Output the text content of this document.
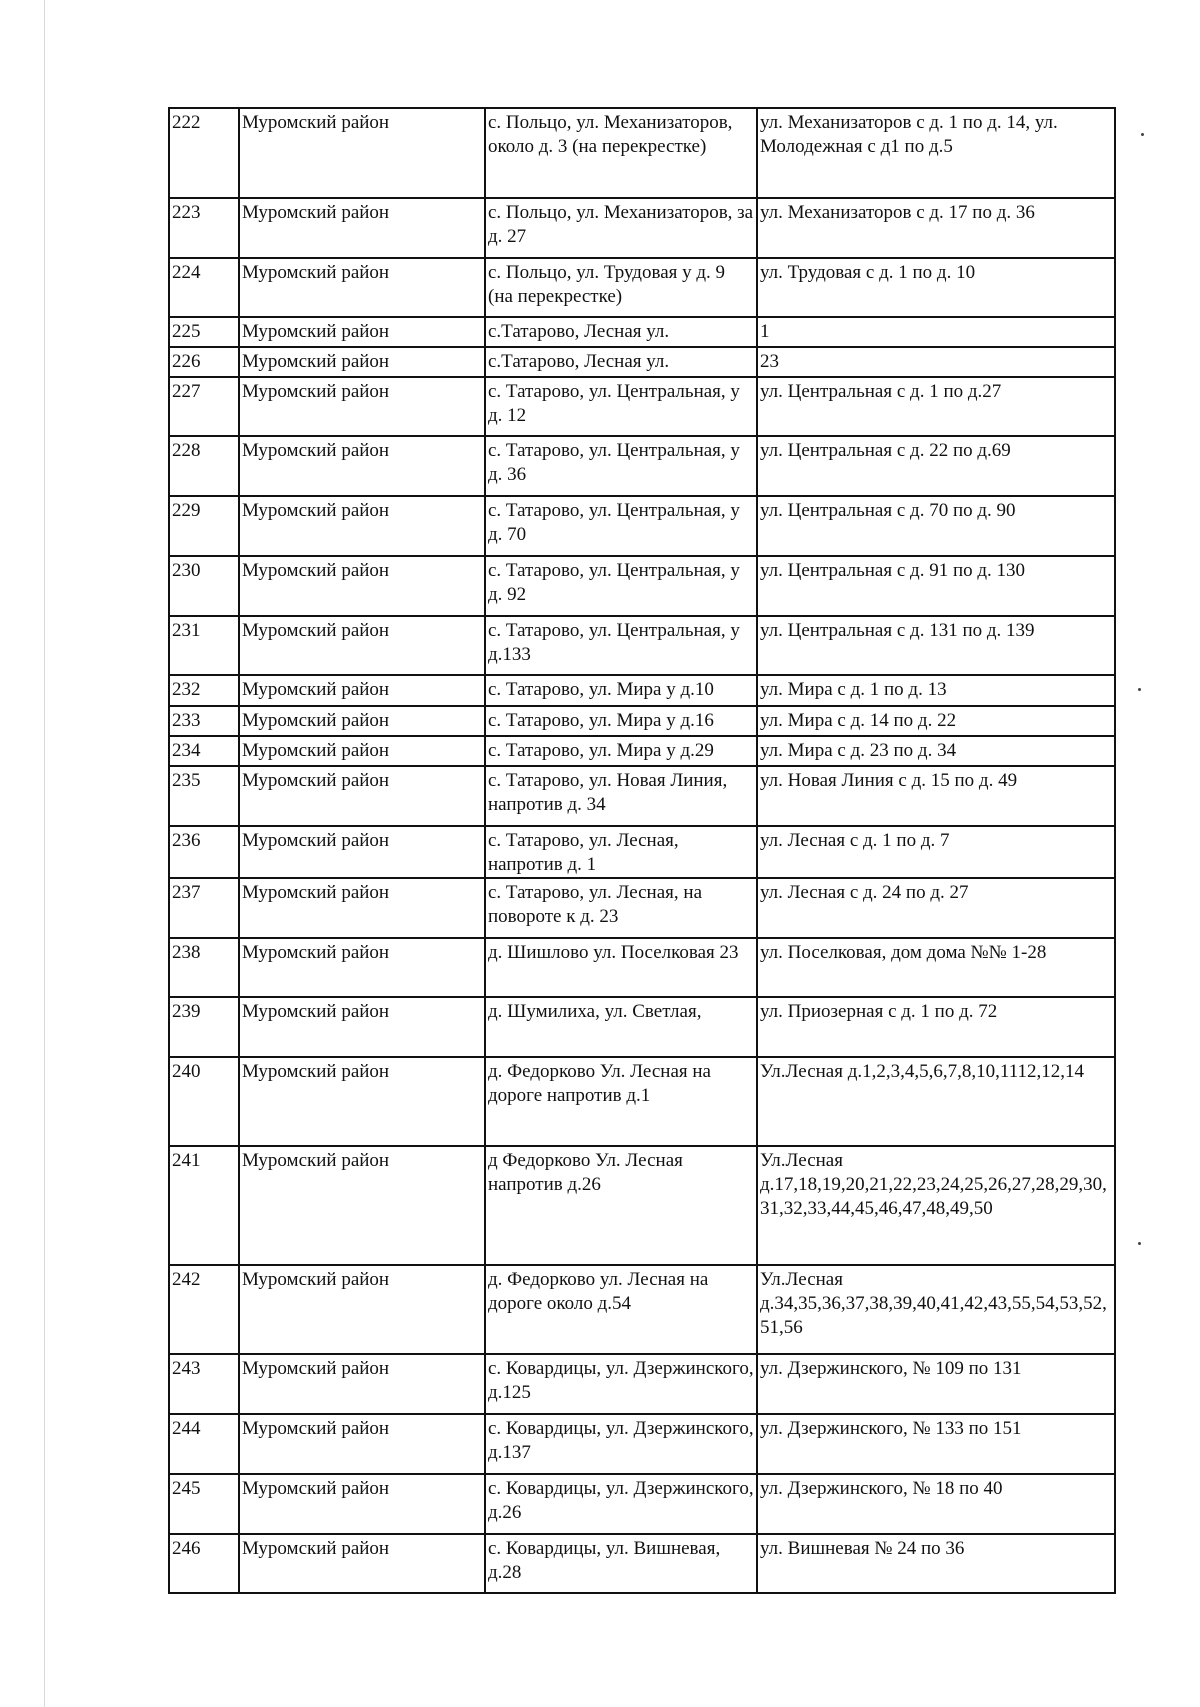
222	Муромский район	с. Польцо, ул. Механизаторов, около д. 3 (на перекрестке)	ул. Механизаторов с д. 1 по д. 14, ул. Молодежная с д1 по д.5
223	Муромский район	с. Польцо, ул. Механизаторов, за д. 27	ул. Механизаторов с д. 17 по д. 36
224	Муромский район	с. Польцо, ул. Трудовая у д. 9 (на перекрестке)	ул. Трудовая с д. 1 по д. 10
225	Муромский район	с.Татарово, Лесная ул.	1
226	Муромский район	с.Татарово, Лесная ул.	23
227	Муромский район	с. Татарово, ул. Центральная, у д. 12	ул. Центральная с д. 1 по д.27
228	Муромский район	с. Татарово, ул. Центральная, у д. 36	ул. Центральная с д. 22 по д.69
229	Муромский район	с. Татарово, ул. Центральная, у д. 70	ул. Центральная с д. 70 по д. 90
230	Муромский район	с. Татарово, ул. Центральная, у д. 92	ул. Центральная с д. 91 по д. 130
231	Муромский район	с. Татарово, ул. Центральная, у д.133	ул. Центральная с д. 131 по д. 139
232	Муромский район	с. Татарово, ул. Мира у д.10	ул. Мира с д. 1 по д. 13
233	Муромский район	с. Татарово, ул. Мира у д.16	ул. Мира с д. 14 по д. 22
234	Муромский район	с. Татарово, ул. Мира у д.29	ул. Мира с д. 23 по д. 34
235	Муромский район	с. Татарово, ул. Новая Линия, напротив д. 34	ул. Новая Линия с д. 15 по д. 49
236	Муромский район	с. Татарово, ул. Лесная, напротив д. 1	ул. Лесная с д. 1 по д. 7
237	Муромский район	с. Татарово, ул. Лесная, на повороте к д. 23	ул. Лесная с д. 24 по д. 27
238	Муромский район	д. Шишлово ул. Поселковая 23	ул. Поселковая, дом дома №№ 1-28
239	Муромский район	д. Шумилиха, ул. Светлая,	ул. Приозерная с д. 1 по д. 72
240	Муромский район	д. Федорково Ул. Лесная на дороге напротив д.1	Ул.Лесная д.1,2,3,4,5,6,7,8,10,1112,12,14
241	Муромский район	д Федорково Ул. Лесная напротив д.26	Ул.Лесная д.17,18,19,20,21,22,23,24,25,26,27,28,29,30,31,32,33,44,45,46,47,48,49,50
242	Муромский район	д. Федорково ул. Лесная на дороге около д.54	Ул.Лесная д.34,35,36,37,38,39,40,41,42,43,55,54,53,52,51,56
243	Муромский район	с. Ковардицы, ул. Дзержинского, д.125	ул. Дзержинского, № 109 по 131
244	Муромский район	с. Ковардицы, ул. Дзержинского, д.137	ул. Дзержинского, № 133 по 151
245	Муромский район	с. Ковардицы, ул. Дзержинского, д.26	ул. Дзержинского, № 18 по 40
246	Муромский район	с. Ковардицы, ул. Вишневая, д.28	ул. Вишневая № 24 по 36
